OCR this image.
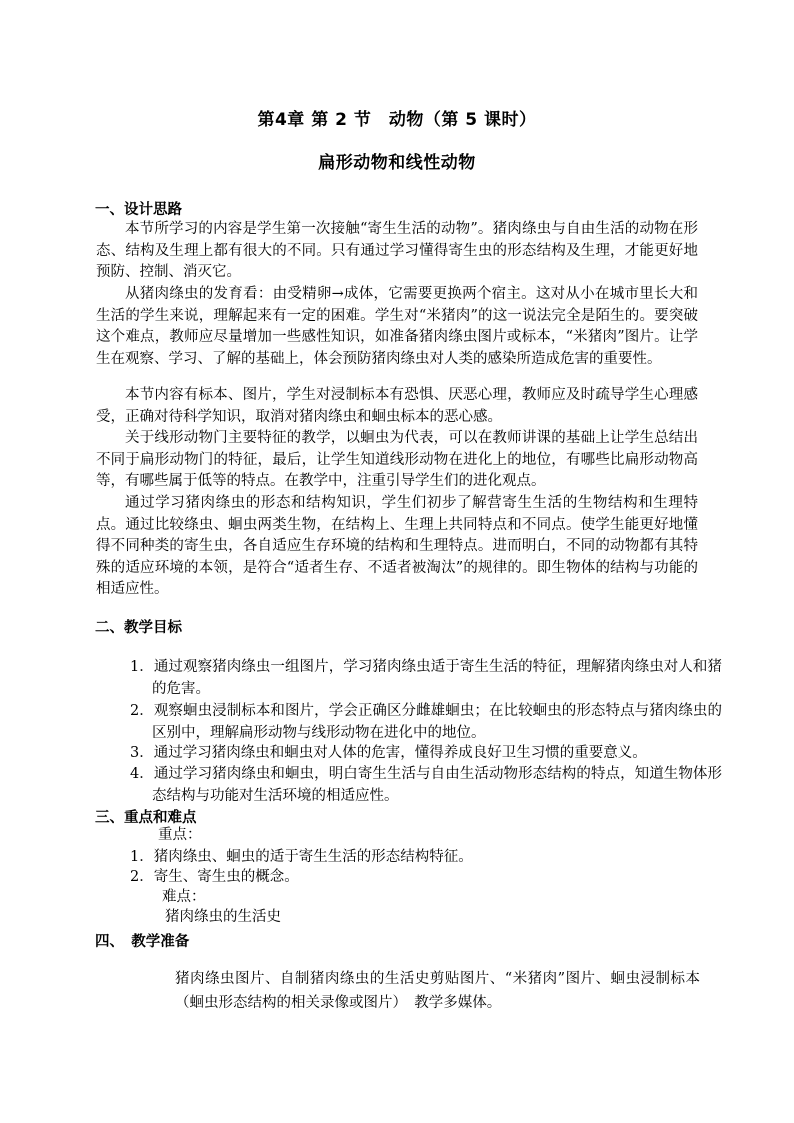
第4章 第 2 节　动物（第 5 课时）
扁形动物和线性动物
一、设计思路

本节所学习的内容是学生第一次接触“寄生生活的动物”。猪肉绦虫与自由生活的动物在形态、结构及生理上都有很大的不同。只有通过学习懂得寄生虫的形态结构及生理，才能更好地预防、控制、消灭它。

从猪肉绦虫的发育看：由受精卵→成体，它需要更换两个宿主。这对从小在城市里长大和生活的学生来说，理解起来有一定的困难。学生对“米猪肉”的这一说法完全是陌生的。要突破这个难点，教师应尽量增加一些感性知识，如准备猪肉绦虫图片或标本，“米猪肉”图片。让学生在观察、学习、了解的基础上，体会预防猪肉绦虫对人类的感染所造成危害的重要性。

本节内容有标本、图片，学生对浸制标本有恐惧、厌恶心理，教师应及时疏导学生心理感受，正确对待科学知识，取消对猪肉绦虫和蛔虫标本的恶心感。

关于线形动物门主要特征的教学，以蛔虫为代表，可以在教师讲课的基础上让学生总结出不同于扁形动物门的特征，最后，让学生知道线形动物在进化上的地位，有哪些比扁形动物高等，有哪些属于低等的特点。在教学中，注重引导学生们的进化观点。

通过学习猪肉绦虫的形态和结构知识，学生们初步了解营寄生生活的生物结构和生理特点。通过比较绦虫、蛔虫两类生物，在结构上、生理上共同特点和不同点。使学生能更好地懂得不同种类的寄生虫，各自适应生存环境的结构和生理特点。进而明白，不同的动物都有其特殊的适应环境的本领，是符合“适者生存、不适者被淘汰”的规律的。即生物体的结构与功能的相适应性。

二、教学目标

1．通过观察猪肉绦虫一组图片，学习猪肉绦虫适于寄生生活的特征，理解猪肉绦虫对人和猪的危害。

2．观察蛔虫浸制标本和图片，学会正确区分雌雄蛔虫；在比较蛔虫的形态特点与猪肉绦虫的区别中，理解扁形动物与线形动物在进化中的地位。

3．通过学习猪肉绦虫和蛔虫对人体的危害，懂得养成良好卫生习惯的重要意义。

4．通过学习猪肉绦虫和蛔虫，明白寄生生活与自由生活动物形态结构的特点，知道生物体形态结构与功能对生活环境的相适应性。

三、重点和难点
重点：
1．猪肉绦虫、蛔虫的适于寄生生活的形态结构特征。
2．寄生、寄生虫的概念。
难点：
猪肉绦虫的生活史
四、　教学准备

猪肉绦虫图片、自制猪肉绦虫的生活史剪贴图片、“米猪肉”图片、蛔虫浸制标本（蛔虫形态结构的相关录像或图片）　教学多媒体。
